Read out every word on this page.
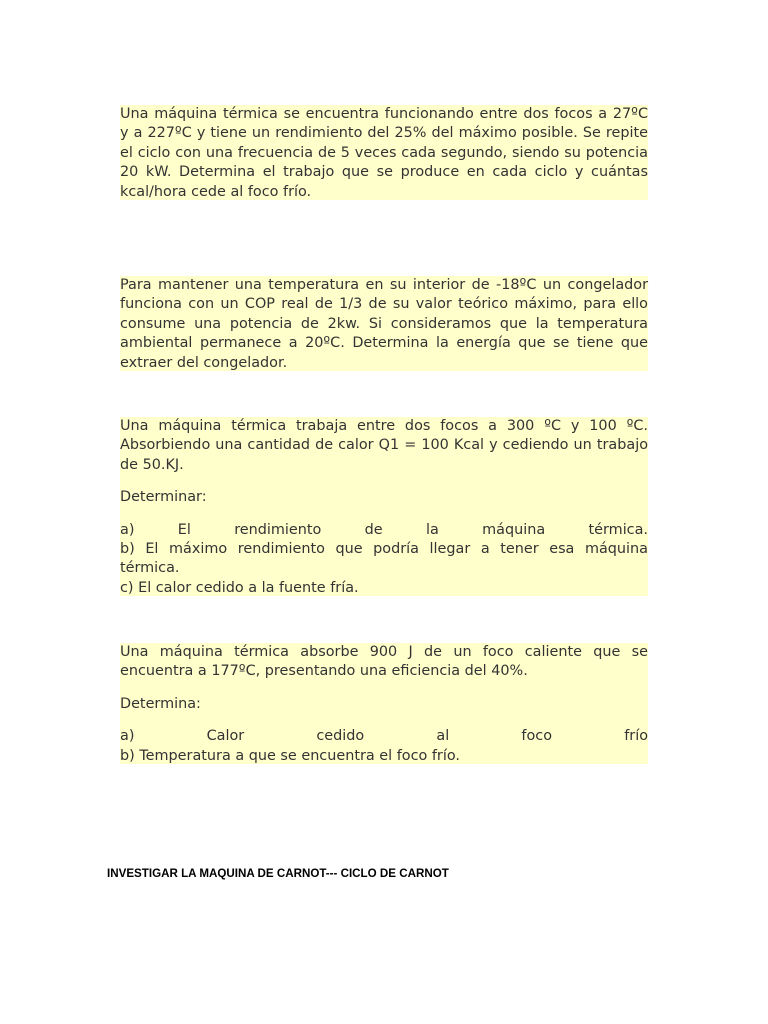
Una máquina térmica se encuentra funcionando entre dos focos a 27ºC y a 227ºC y tiene un rendimiento del 25% del máximo posible. Se repite el ciclo con una frecuencia de 5 veces cada segundo, siendo su potencia 20 kW. Determina el trabajo que se produce en cada ciclo y cuántas kcal/hora cede al foco frío.

Para mantener una temperatura en su interior de -18ºC un congelador funciona con un COP real de 1/3 de su valor teórico máximo, para ello consume una potencia de 2kw. Si consideramos que la temperatura ambiental permanece a 20ºC. Determina la energía que se tiene que extraer del congelador.

Una máquina térmica trabaja entre dos focos a 300 ºC y 100 ºC. Absorbiendo una cantidad de calor Q1 = 100 Kcal y cediendo un trabajo de 50.KJ.

Determinar:

a) El rendimiento de la máquina térmica.
b) El máximo rendimiento que podría llegar a tener esa máquina térmica.
c) El calor cedido a la fuente fría.

Una máquina térmica absorbe 900 J de un foco caliente que se encuentra a 177ºC, presentando una eficiencia del 40%.

Determina:

a) Calor cedido al foco frío
b) Temperatura a que se encuentra el foco frío.

INVESTIGAR LA MAQUINA DE CARNOT--- CICLO DE CARNOT
